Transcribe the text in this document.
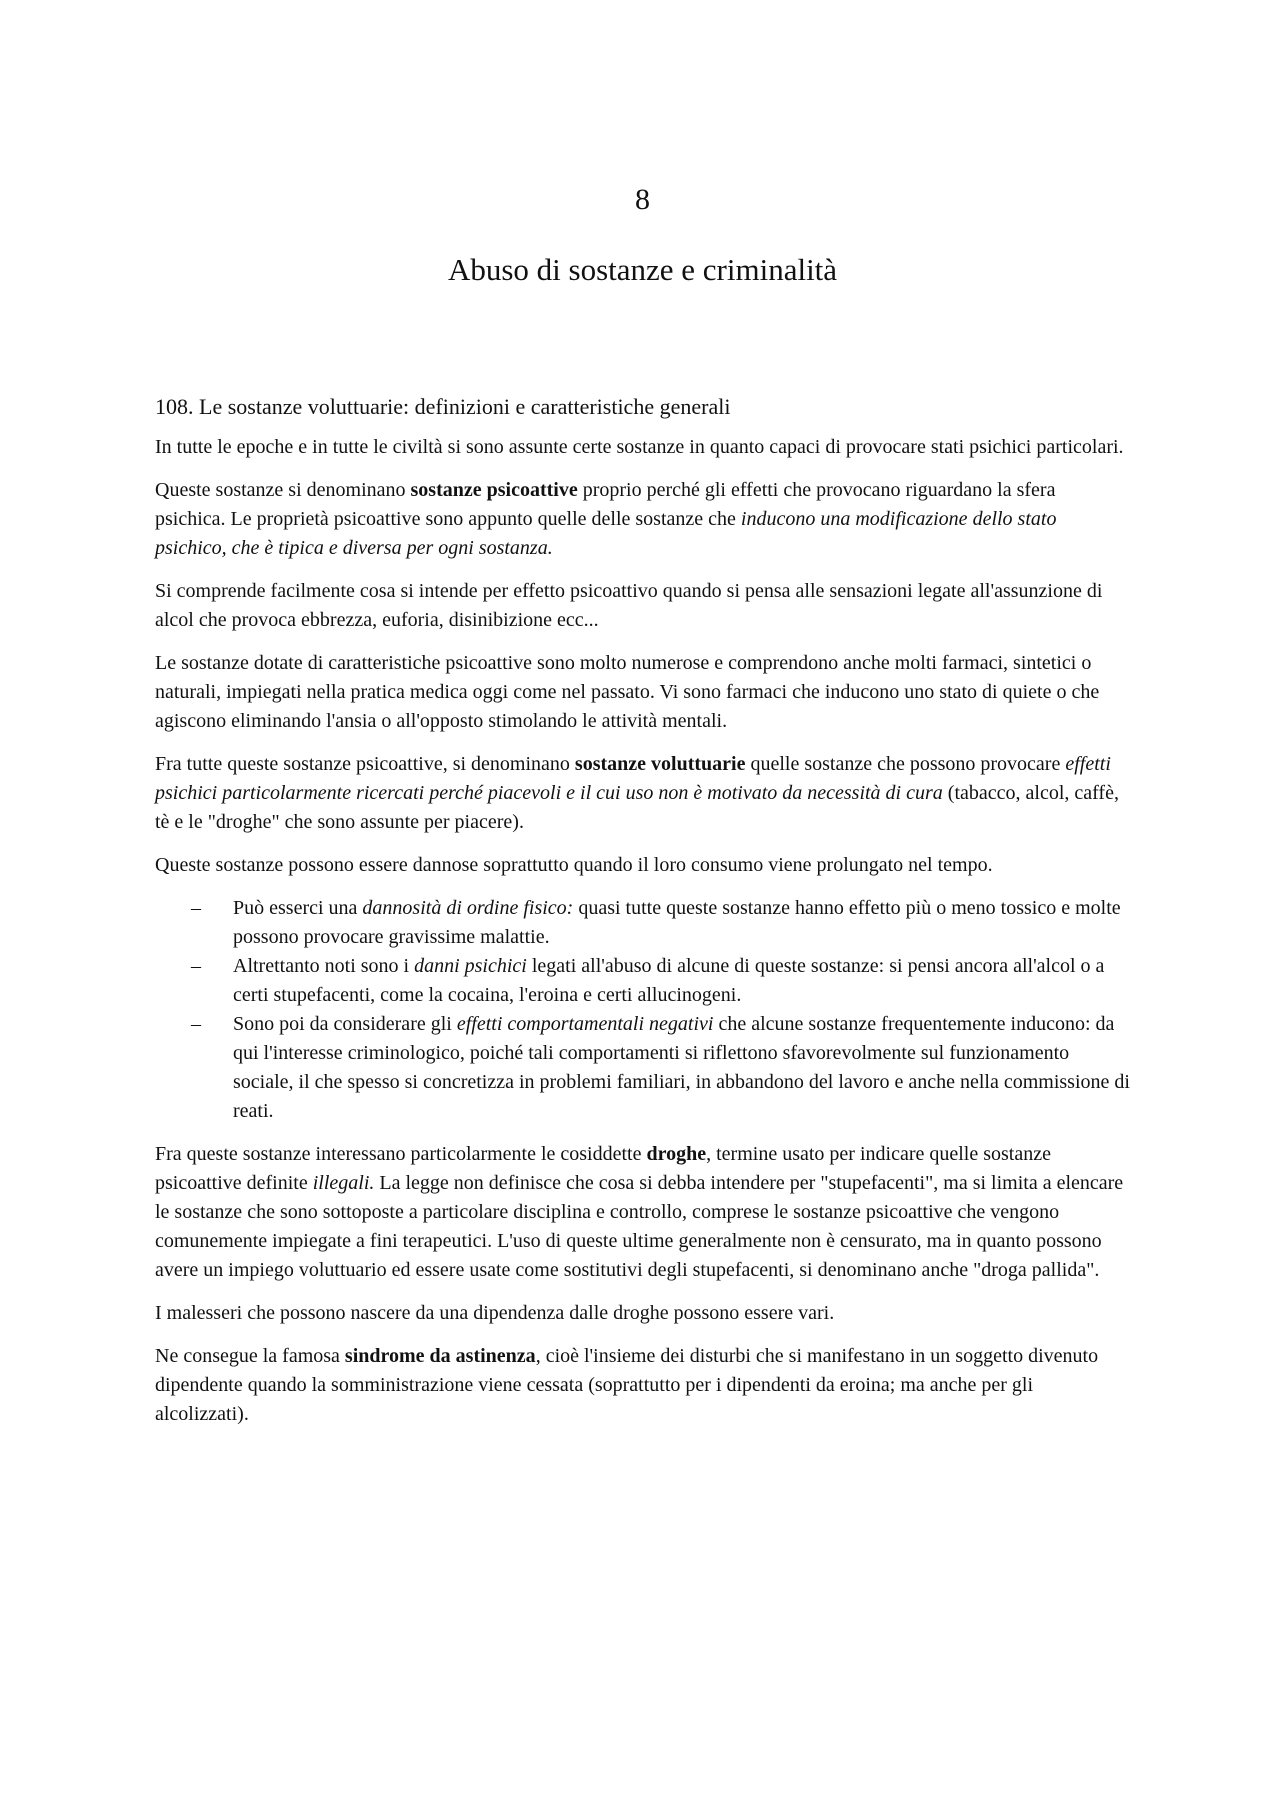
8
Abuso di sostanze e criminalità
108. Le sostanze voluttuarie: definizioni e caratteristiche generali

In tutte le epoche e in tutte le civiltà si sono assunte certe sostanze in quanto capaci di provocare stati psichici particolari.

Queste sostanze si denominano sostanze psicoattive proprio perché gli effetti che provocano riguardano la sfera psichica. Le proprietà psicoattive sono appunto quelle delle sostanze che inducono una modificazione dello stato psichico, che è tipica e diversa per ogni sostanza.

Si comprende facilmente cosa si intende per effetto psicoattivo quando si pensa alle sensazioni legate all'assunzione di alcol che provoca ebbrezza, euforia, disinibizione ecc...

Le sostanze dotate di caratteristiche psicoattive sono molto numerose e comprendono anche molti farmaci, sintetici o naturali, impiegati nella pratica medica oggi come nel passato. Vi sono farmaci che inducono uno stato di quiete o che agiscono eliminando l'ansia o all'opposto stimolando le attività mentali.

Fra tutte queste sostanze psicoattive, si denominano sostanze voluttuarie quelle sostanze che possono provocare effetti psichici particolarmente ricercati perché piacevoli e il cui uso non è motivato da necessità di cura (tabacco, alcol, caffè, tè e le "droghe" che sono assunte per piacere).

Queste sostanze possono essere dannose soprattutto quando il loro consumo viene prolungato nel tempo.

– Può esserci una dannosità di ordine fisico: quasi tutte queste sostanze hanno effetto più o meno tossico e molte possono provocare gravissime malattie.
– Altrettanto noti sono i danni psichici legati all'abuso di alcune di queste sostanze: si pensi ancora all'alcol o a certi stupefacenti, come la cocaina, l'eroina e certi allucinogeni.
– Sono poi da considerare gli effetti comportamentali negativi che alcune sostanze frequentemente inducono: da qui l'interesse criminologico, poiché tali comportamenti si riflettono sfavorevolmente sul funzionamento sociale, il che spesso si concretizza in problemi familiari, in abbandono del lavoro e anche nella commissione di reati.

Fra queste sostanze interessano particolarmente le cosiddette droghe, termine usato per indicare quelle sostanze psicoattive definite illegali. La legge non definisce che cosa si debba intendere per "stupefacenti", ma si limita a elencare le sostanze che sono sottoposte a particolare disciplina e controllo, comprese le sostanze psicoattive che vengono comunemente impiegate a fini terapeutici. L'uso di queste ultime generalmente non è censurato, ma in quanto possono avere un impiego voluttuario ed essere usate come sostitutivi degli stupefacenti, si denominano anche "droga pallida".

I malesseri che possono nascere da una dipendenza dalle droghe possono essere vari.

Ne consegue la famosa sindrome da astinenza, cioè l'insieme dei disturbi che si manifestano in un soggetto divenuto dipendente quando la somministrazione viene cessata (soprattutto per i dipendenti da eroina; ma anche per gli alcolizzati).
